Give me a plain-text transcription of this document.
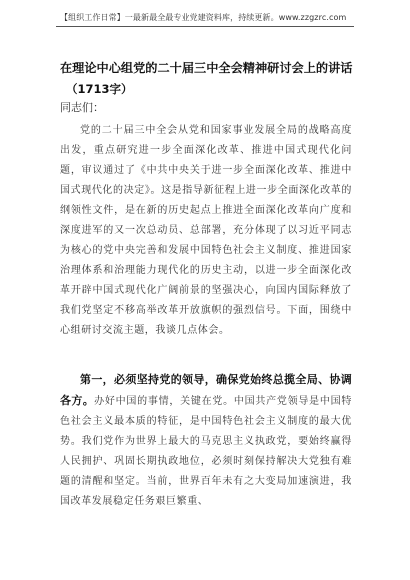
【组织工作日常】一最新最全最专业党建资料库，持续更新。www.zzgzrc.com
在理论中心组党的二十届三中全会精神研讨会上的讲话
（1713字）
同志们：
党的二十届三中全会从党和国家事业发展全局的战略高度出发，重点研究进一步全面深化改革、推进中国式现代化问题，审议通过了《中共中央关于进一步全面深化改革、推进中国式现代化的决定》。这是指导新征程上进一步全面深化改革的纲领性文件，是在新的历史起点上推进全面深化改革向广度和深度进军的又一次总动员、总部署，充分体现了以习近平同志为核心的党中央完善和发展中国特色社会主义制度、推进国家治理体系和治理能力现代化的历史主动，以进一步全面深化改革开辟中国式现代化广阔前景的坚强决心，向国内国际释放了我们党坚定不移高举改革开放旗帜的强烈信号。下面，围绕中心组研讨交流主题，我谈几点体会。
第一，必须坚持党的领导，确保党始终总揽全局、协调各方。办好中国的事情，关键在党。中国共产党领导是中国特色社会主义最本质的特征，是中国特色社会主义制度的最大优势。我们党作为世界上最大的马克思主义执政党，要始终赢得人民拥护、巩固长期执政地位，必须时刻保持解决大党独有难题的清醒和坚定。当前，世界百年未有之大变局加速演进，我国改革发展稳定任务艰巨繁重、
